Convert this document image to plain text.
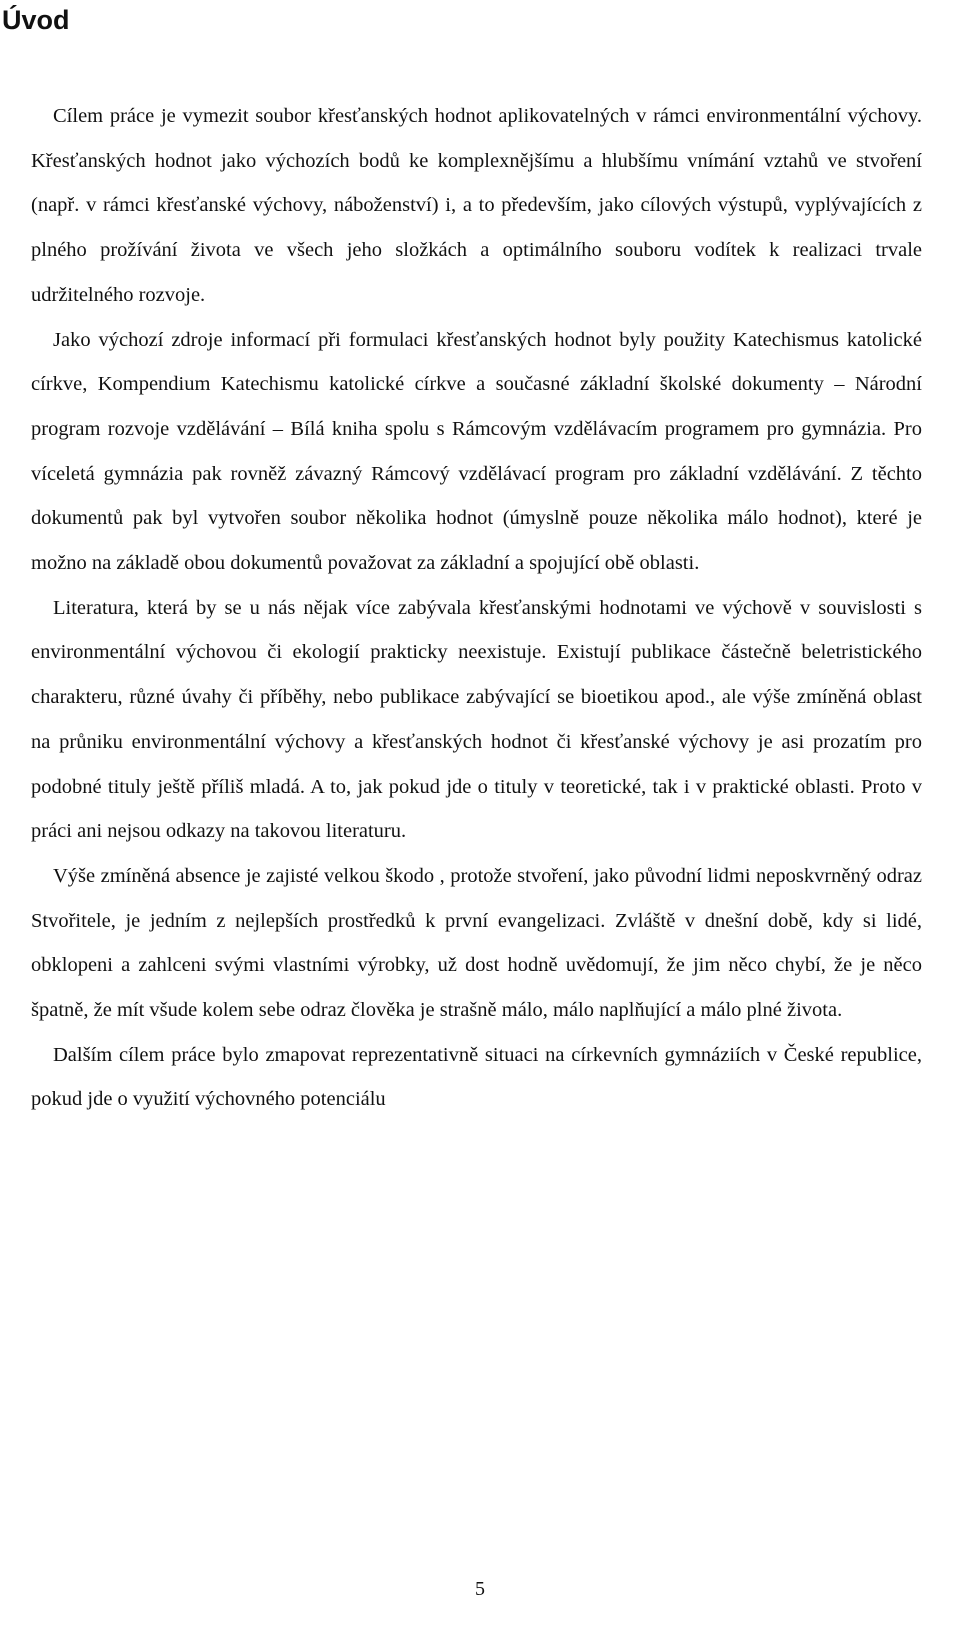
Úvod

Cílem práce je vymezit soubor křesťanských hodnot aplikovatelných v rámci environmentální výchovy. Křesťanských hodnot jako výchozích bodů ke komplexnějšímu a hlubšímu vnímání vztahů ve stvoření (např. v rámci křesťanské výchovy, náboženství) i, a to především, jako cílových výstupů, vyplývajících z plného prožívání života ve všech jeho složkách a optimálního souboru vodítek k realizaci trvale udržitelného rozvoje.

Jako výchozí zdroje informací při formulaci křesťanských hodnot byly použity Katechismus katolické církve, Kompendium Katechismu katolické církve a současné základní školské dokumenty – Národní program rozvoje vzdělávání – Bílá kniha spolu s Rámcovým vzdělávacím programem pro gymnázia. Pro víceletá gymnázia pak rovněž závazný Rámcový vzdělávací program pro základní vzdělávání. Z těchto dokumentů pak byl vytvořen soubor několika hodnot (úmyslně pouze několika málo hodnot), které je možno na základě obou dokumentů považovat za základní a spojující obě oblasti.

Literatura, která by se u nás nějak více zabývala křesťanskými hodnotami ve výchově v souvislosti s environmentální výchovou či ekologií prakticky neexistuje. Existují publikace částečně beletristického charakteru, různé úvahy či příběhy, nebo publikace zabývající se bioetikou apod., ale výše zmíněná oblast na průniku environmentální výchovy a křesťanských hodnot či křesťanské výchovy je asi prozatím pro podobné tituly ještě příliš mladá. A to, jak pokud jde o tituly v teoretické, tak i v praktické oblasti. Proto v práci ani nejsou odkazy na takovou literaturu.

Výše zmíněná absence je zajisté velkou škodo , protože stvoření, jako původní lidmi neposkvrněný odraz Stvořitele, je jedním z nejlepších prostředků k první evangelizaci. Zvláště v dnešní době, kdy si lidé, obklopeni a zahlceni svými vlastními výrobky, už dost hodně uvědomují, že jim něco chybí, že je něco špatně, že mít všude kolem sebe odraz člověka je strašně málo, málo naplňující a málo plné života.

Dalším cílem práce bylo zmapovat reprezentativně situaci na církevních gymnáziích v České republice, pokud jde o využití výchovného potenciálu

5
